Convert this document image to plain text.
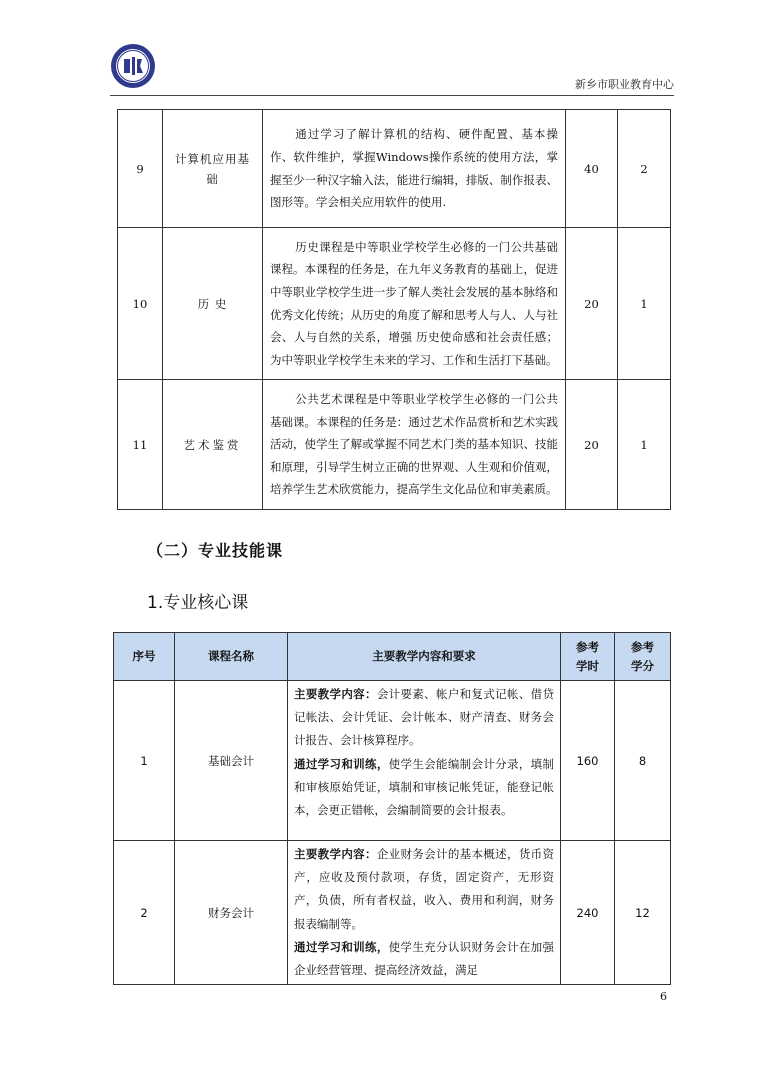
新乡市职业教育中心
9	计算机应用基础	通过学习了解计算机的结构、硬件配置、基本操作、软件维护，掌握Windows操作系统的使用方法，掌握至少一种汉字输入法，能进行编辑，排版、制作报表、图形等。学会相关应用软件的使用.	40	2
10	历 史	历史课程是中等职业学校学生必修的一门公共基础课程。本课程的任务是，在九年义务教育的基础上，促进中等职业学校学生进一步了解人类社会发展的基本脉络和优秀文化传统；从历史的角度了解和思考人与人、人与社会、人与自然的关系，增强 历史使命感和社会责任感；为中等职业学校学生未来的学习、工作和生活打下基础。	20	1
11	艺术鉴赏	公共艺术课程是中等职业学校学生必修的一门公共基础课。本课程的任务是：通过艺术作品赏析和艺术实践活动，使学生了解或掌握不同艺术门类的基本知识、技能和原理，引导学生树立正确的世界观、人生观和价值观，培养学生艺术欣赏能力，提高学生文化品位和审美素质。	20	1
（二）专业技能课
1.专业核心课
序号	课程名称	主要教学内容和要求	参考学时	参考学分
1	基础会计	主要教学内容：会计要素、帐户和复式记帐、借贷记帐法、会计凭证、会计帐本、财产清查、财务会计报告、会计核算程序。
通过学习和训练，使学生会能编制会计分录，填制和审核原始凭证，填制和审核记帐凭证，能登记帐本，会更正错帐，会编制简要的会计报表。	160	8
2	财务会计	主要教学内容：企业财务会计的基本概述，货币资产，应收及预付款项，存货，固定资产，无形资产，负债，所有者权益，收入、费用和利润，财务报表编制等。
通过学习和训练，使学生充分认识财务会计在加强企业经营管理、提高经济效益，满足	240	12
6
